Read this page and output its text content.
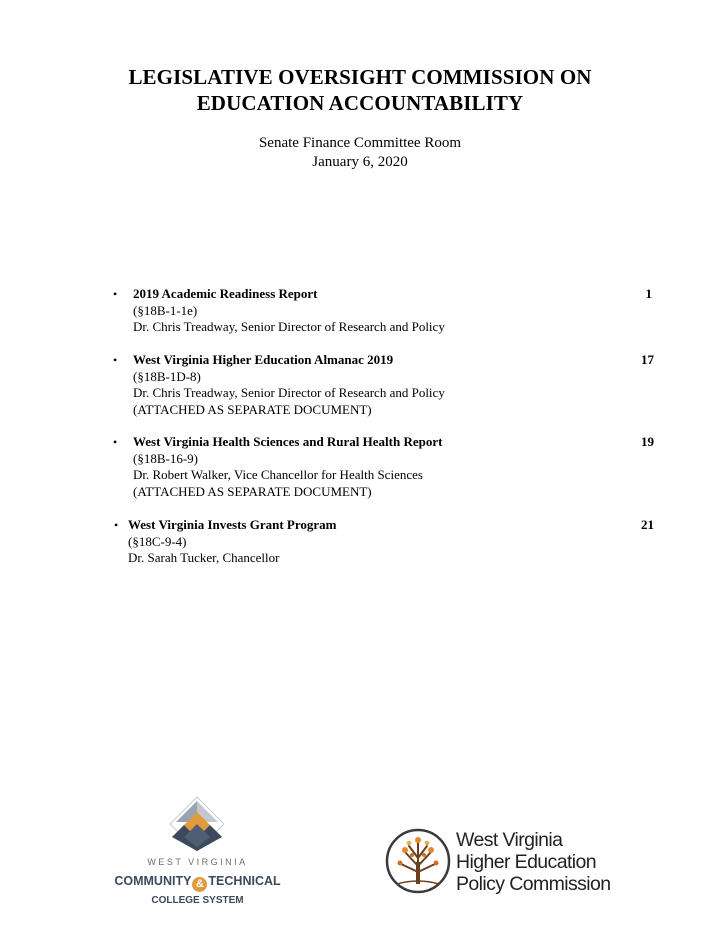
LEGISLATIVE OVERSIGHT COMMISSION ON
EDUCATION ACCOUNTABILITY
Senate Finance Committee Room
January 6, 2020
• 2019 Academic Readiness Report
(§18B-1-1e)
Dr. Chris Treadway, Senior Director of Research and Policy
1
• West Virginia Higher Education Almanac 2019
(§18B-1D-8)
Dr. Chris Treadway, Senior Director of Research and Policy
(ATTACHED AS SEPARATE DOCUMENT)
17
• West Virginia Health Sciences and Rural Health Report
(§18B-16-9)
Dr. Robert Walker, Vice Chancellor for Health Sciences
(ATTACHED AS SEPARATE DOCUMENT)
19
• West Virginia Invests Grant Program
(§18C-9-4)
Dr. Sarah Tucker, Chancellor
21
WEST VIRGINIA
COMMUNITY & TECHNICAL
COLLEGE SYSTEM
West Virginia
Higher Education
Policy Commission
